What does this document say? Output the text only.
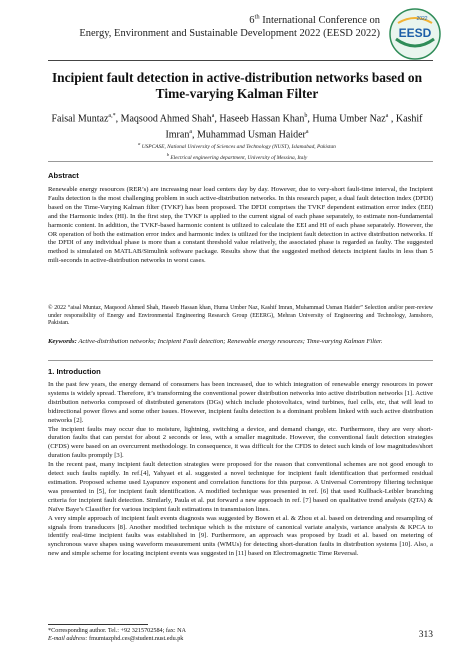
6th International Conference on
Energy, Environment and Sustainable Development 2022 (EESD 2022) EESD
2022
Incipient fault detection in active-distribution networks based on Time-varying Kalman Filter
Faisal Muntaz$^{a,*}$, Maqsood Ahmed Shah$^a$, Haseeb Hassan Khan$^b$, Huma Umber Naz$^a$ , Kashif Imran$^a$, Muhammad Usman Haider$^a$
$^a$ USPCASE, National University of Sciences and Technology (NUST), Islamabad, Pakistan
$^b$ Electrical engineering department, University of Messina, Italy
Abstract

Renewable energy resources (RER’s) are increasing near load centers day by day. However, due to very-short fault-time interval, the Incipient Faults detection is the most challenging problem in such active-distribution networks. In this research paper, a dual fault detection index (DFDI) based on the Time-Varying Kalman filter (TVKF) has been proposed. The DFDI comprises the TVKF dependent estimation error index (EEI) and the Harmonic index (HI). In the first step, the TVKF is applied to the current signal of each phase separately, to estimate non-fundamental harmonic content. In addition, the TVKF-based harmonic content is utilized to calculate the EEI and HI of each phase separately. However, the OR operation of both the estimation error index and harmonic index is utilized for the incipient fault detection in active distribution networks. If the DFDI of any individual phase is more than a constant threshold value relatively, the associated phase is regarded as faulty. The suggested method is simulated on MATLAB/Simulink software package. Results show that the suggested method detects incipient faults in less than 5 mili-seconds in active-distribution networks in worst cases.

© 2022 “aisal Muntaz, Maqsood Ahmed Shah, Haseeb Hassan khan, Huma Umber Naz, Kashif Imran, Muhammad Usman Haider” Selection and/or peer-review under responsibility of Energy and Environmental Engineering Research Group (EEERG), Mehran University of Engineering and Technology, Jamshoro, Pakistan.

Keywords: Active-distribution networks; Incipient Fault detection; Renewable energy resources; Time-varying Kalman Filter.

1. Introduction

In the past few years, the energy demand of consumers has been increased, due to which integration of renewable energy resources in power systems is widely spread. Therefore, it’s transforming the conventional power distribution networks into active distribution networks [1]. Active distribution networks composed of distributed generators (DGs) which include photovoltaics, wind turbines, fuel cells, etc, that will lead to bidirectional power flows and some other issues. However, incipient faults detection is a dominant problem linked with such active distribution networks [2].

The incipient faults may occur due to moisture, lightning, switching a device, and demand change, etc. Furthermore, they are very short-duration faults that can persist for about 2 seconds or less, with a smaller magnitude. However, the conventional fault detection strategies (CFDS) were based on an overcurrent methodology. In consequence, it was difficult for the CFDS to detect such kinds of low magnitudes/short duration faults promptly [3].

In the recent past, many incipient fault detection strategies were proposed for the reason that conventional schemes are not good enough to detect such faults rapidly. In ref.[4], Yahyaei et al. suggested a novel technique for incipient fault identification that performed residual estimation. Proposed scheme used Lyapunov exponent and correlation functions for this purpose. A Universal Correntropy filtering technique was presented in [5], for incipient fault identification. A modified technique was presented in ref. [6] that used Kullback-Leibler branching criteria for incipient fault detection. Similarly, Paula et al. put forward a new approach in ref. [7] based on qualitative trend analysis (QTA) & Naïve Baye’s Classifier for various incipient fault estimations in transmission lines.

A very simple approach of incipient fault events diagnosis was suggested by Bowen et al. & Zhou et al. based on detrending and resampling of signals from transducers [8]. Another modified technique which is the mixture of canonical variate analysis, variance analysis & KPCA to identify real-time incipient faults was established in [9]. Furthermore, an approach was proposed by Izadi et al. based on metering of synchronous wave shapes using waveform measurement units (WMUs) for detecting short-duration faults in distribution systems [10]. Also, a new and simple scheme for locating incipient events was suggested in [11] based on Electromagnetic Time Reversal.

*Corresponding author. Tel.: +92 3215702584; fax: NA
E-mail address: fmumtazphd.ces@student.nust.edu.pk	313
